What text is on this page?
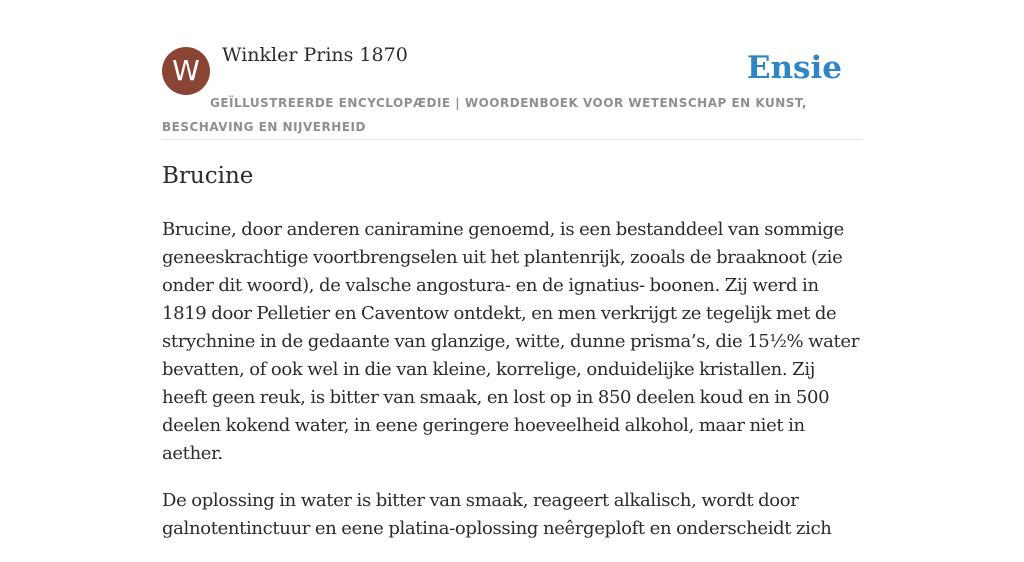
W	Winkler Prins 1870	Ensie
GEÏLLUSTREERDE ENCYCLOPÆDIE | WOORDENBOEK VOOR WETENSCHAP EN KUNST, BESCHAVING EN NIJVERHEID
Brucine

Brucine, door anderen caniramine genoemd, is een bestanddeel van sommige geneeskrachtige voortbrengselen uit het plantenrijk, zooals de braaknoot (zie onder dit woord), de valsche angostura- en de ignatius- boonen. Zij werd in 1819 door Pelletier en Caventow ontdekt, en men verkrijgt ze tegelijk met de strychnine in de gedaante van glanzige, witte, dunne prisma’s, die 15½% water bevatten, of ook wel in die van kleine, korrelige, onduidelijke kristallen. Zij heeft geen reuk, is bitter van smaak, en lost op in 850 deelen koud en in 500 deelen kokend water, in eene geringere hoeveelheid alkohol, maar niet in aether.

De oplossing in water is bitter van smaak, reageert alkalisch, wordt door galnotentinctuur en eene platina-oplossing neêrgeploft en onderscheidt zich
